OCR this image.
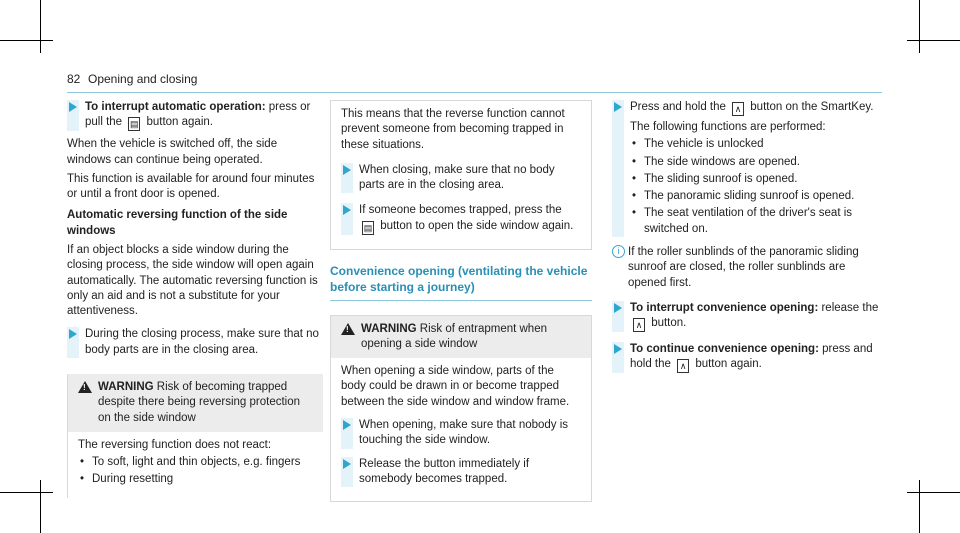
82 Opening and closing
To interrupt automatic operation: press or pull the ▤ button again.

When the vehicle is switched off, the side windows can continue being operated.

This function is available for around four minutes or until a front door is opened.

Automatic reversing function of the side windows

If an object blocks a side window during the closing process, the side window will open again automatically. The automatic reversing function is only an aid and is not a substitute for your attentiveness.

During the closing process, make sure that no body parts are in the closing area.
!
WARNING Risk of becoming trapped despite there being reversing protection on the side window
The reversing function does not react:
• To soft, light and thin objects, e.g. fingers
• During resetting

This means that the reverse function cannot prevent someone from becoming trapped in these situations.

When closing, make sure that no body parts are in the closing area.
If someone becomes trapped, press the ▤ button to open the side window again.
Convenience opening (ventilating the vehicle before starting a journey)
!
WARNING Risk of entrapment when opening a side window

When opening a side window, parts of the body could be drawn in or become trapped between the side window and window frame.

When opening, make sure that nobody is touching the side window.
Release the button immediately if somebody becomes trapped.
Press and hold the ∧ button on the SmartKey.
The following functions are performed:
• The vehicle is unlocked
• The side windows are opened.
• The sliding sunroof is opened.
• The panoramic sliding sunroof is opened.
• The seat ventilation of the driver's seat is switched on.
i If the roller sunblinds of the panoramic sliding sunroof are closed, the roller sunblinds are opened first.
To interrupt convenience opening: release the ∧ button.
To continue convenience opening: press and hold the ∧ button again.
